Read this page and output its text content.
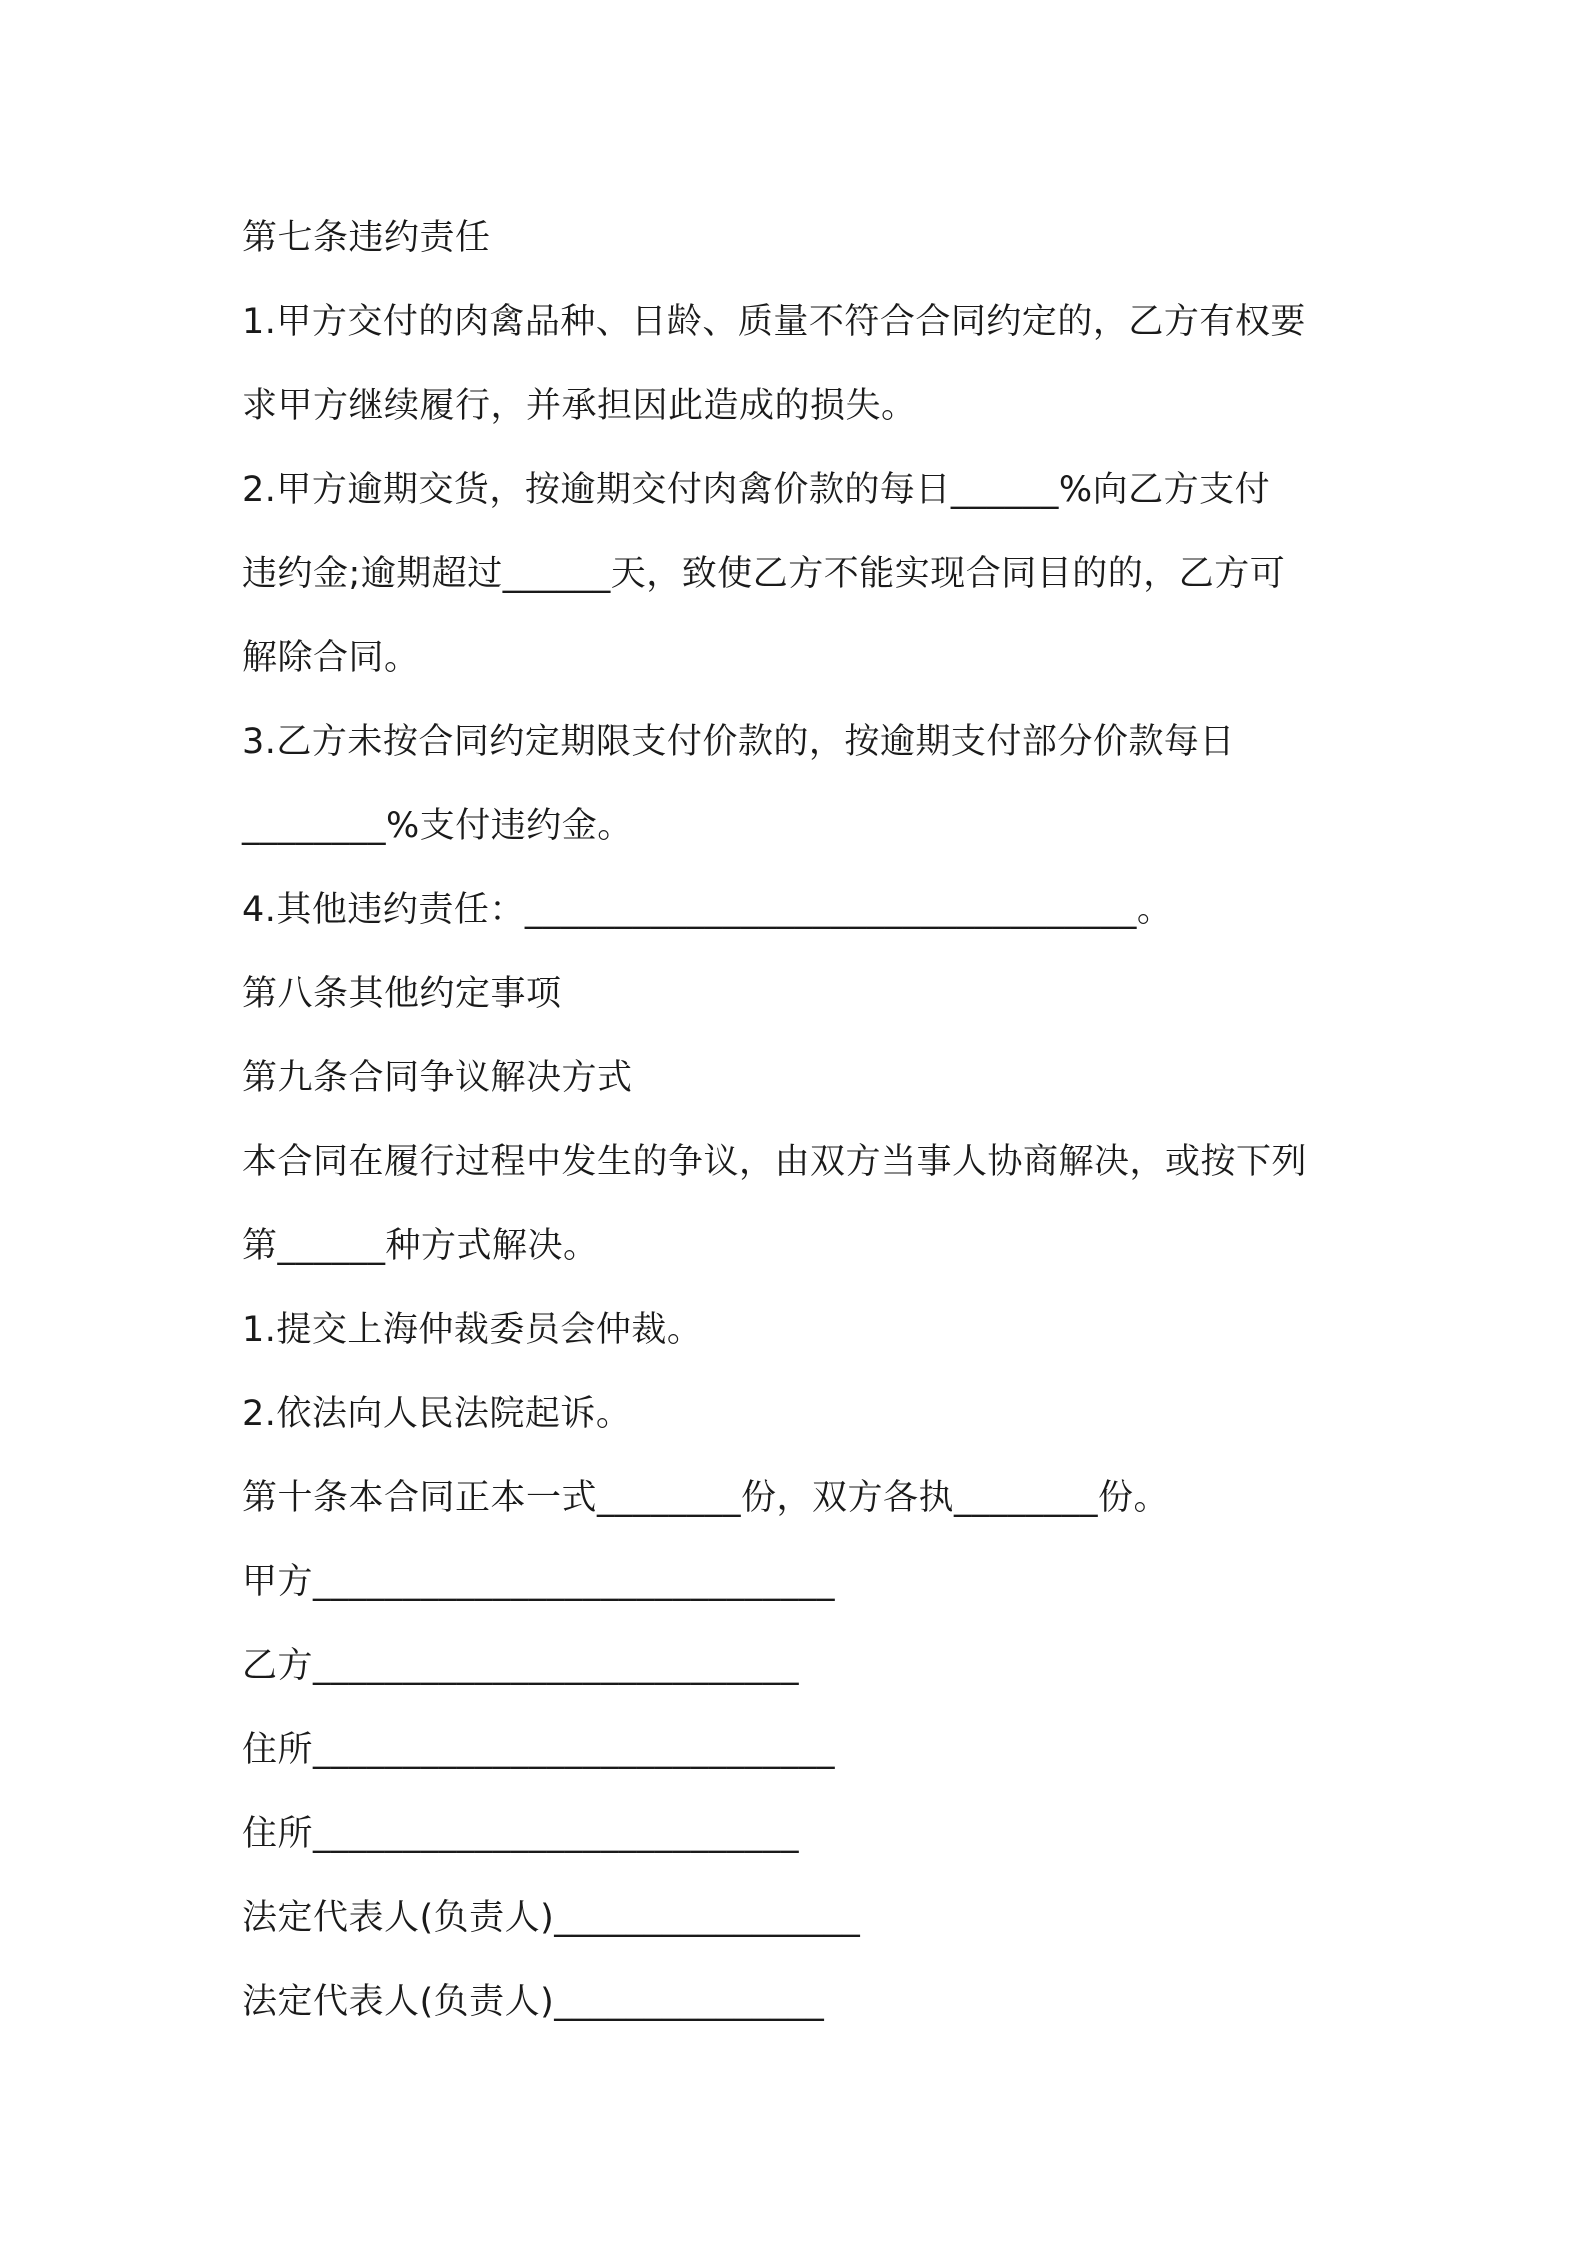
第七条违约责任
1.甲方交付的肉禽品种、日龄、质量不符合合同约定的，乙方有权要
求甲方继续履行，并承担因此造成的损失。
2.甲方逾期交货，按逾期交付肉禽价款的每日______%向乙方支付
违约金;逾期超过______天，致使乙方不能实现合同目的的，乙方可
解除合同。
3.乙方未按合同约定期限支付价款的，按逾期支付部分价款每日
________%支付违约金。
4.其他违约责任：__________________________________。
第八条其他约定事项
第九条合同争议解决方式
本合同在履行过程中发生的争议，由双方当事人协商解决，或按下列
第______种方式解决。
1.提交上海仲裁委员会仲裁。
2.依法向人民法院起诉。
第十条本合同正本一式________份，双方各执________份。
甲方_____________________________
乙方___________________________
住所_____________________________
住所___________________________
法定代表人(负责人)_________________
法定代表人(负责人)_______________
